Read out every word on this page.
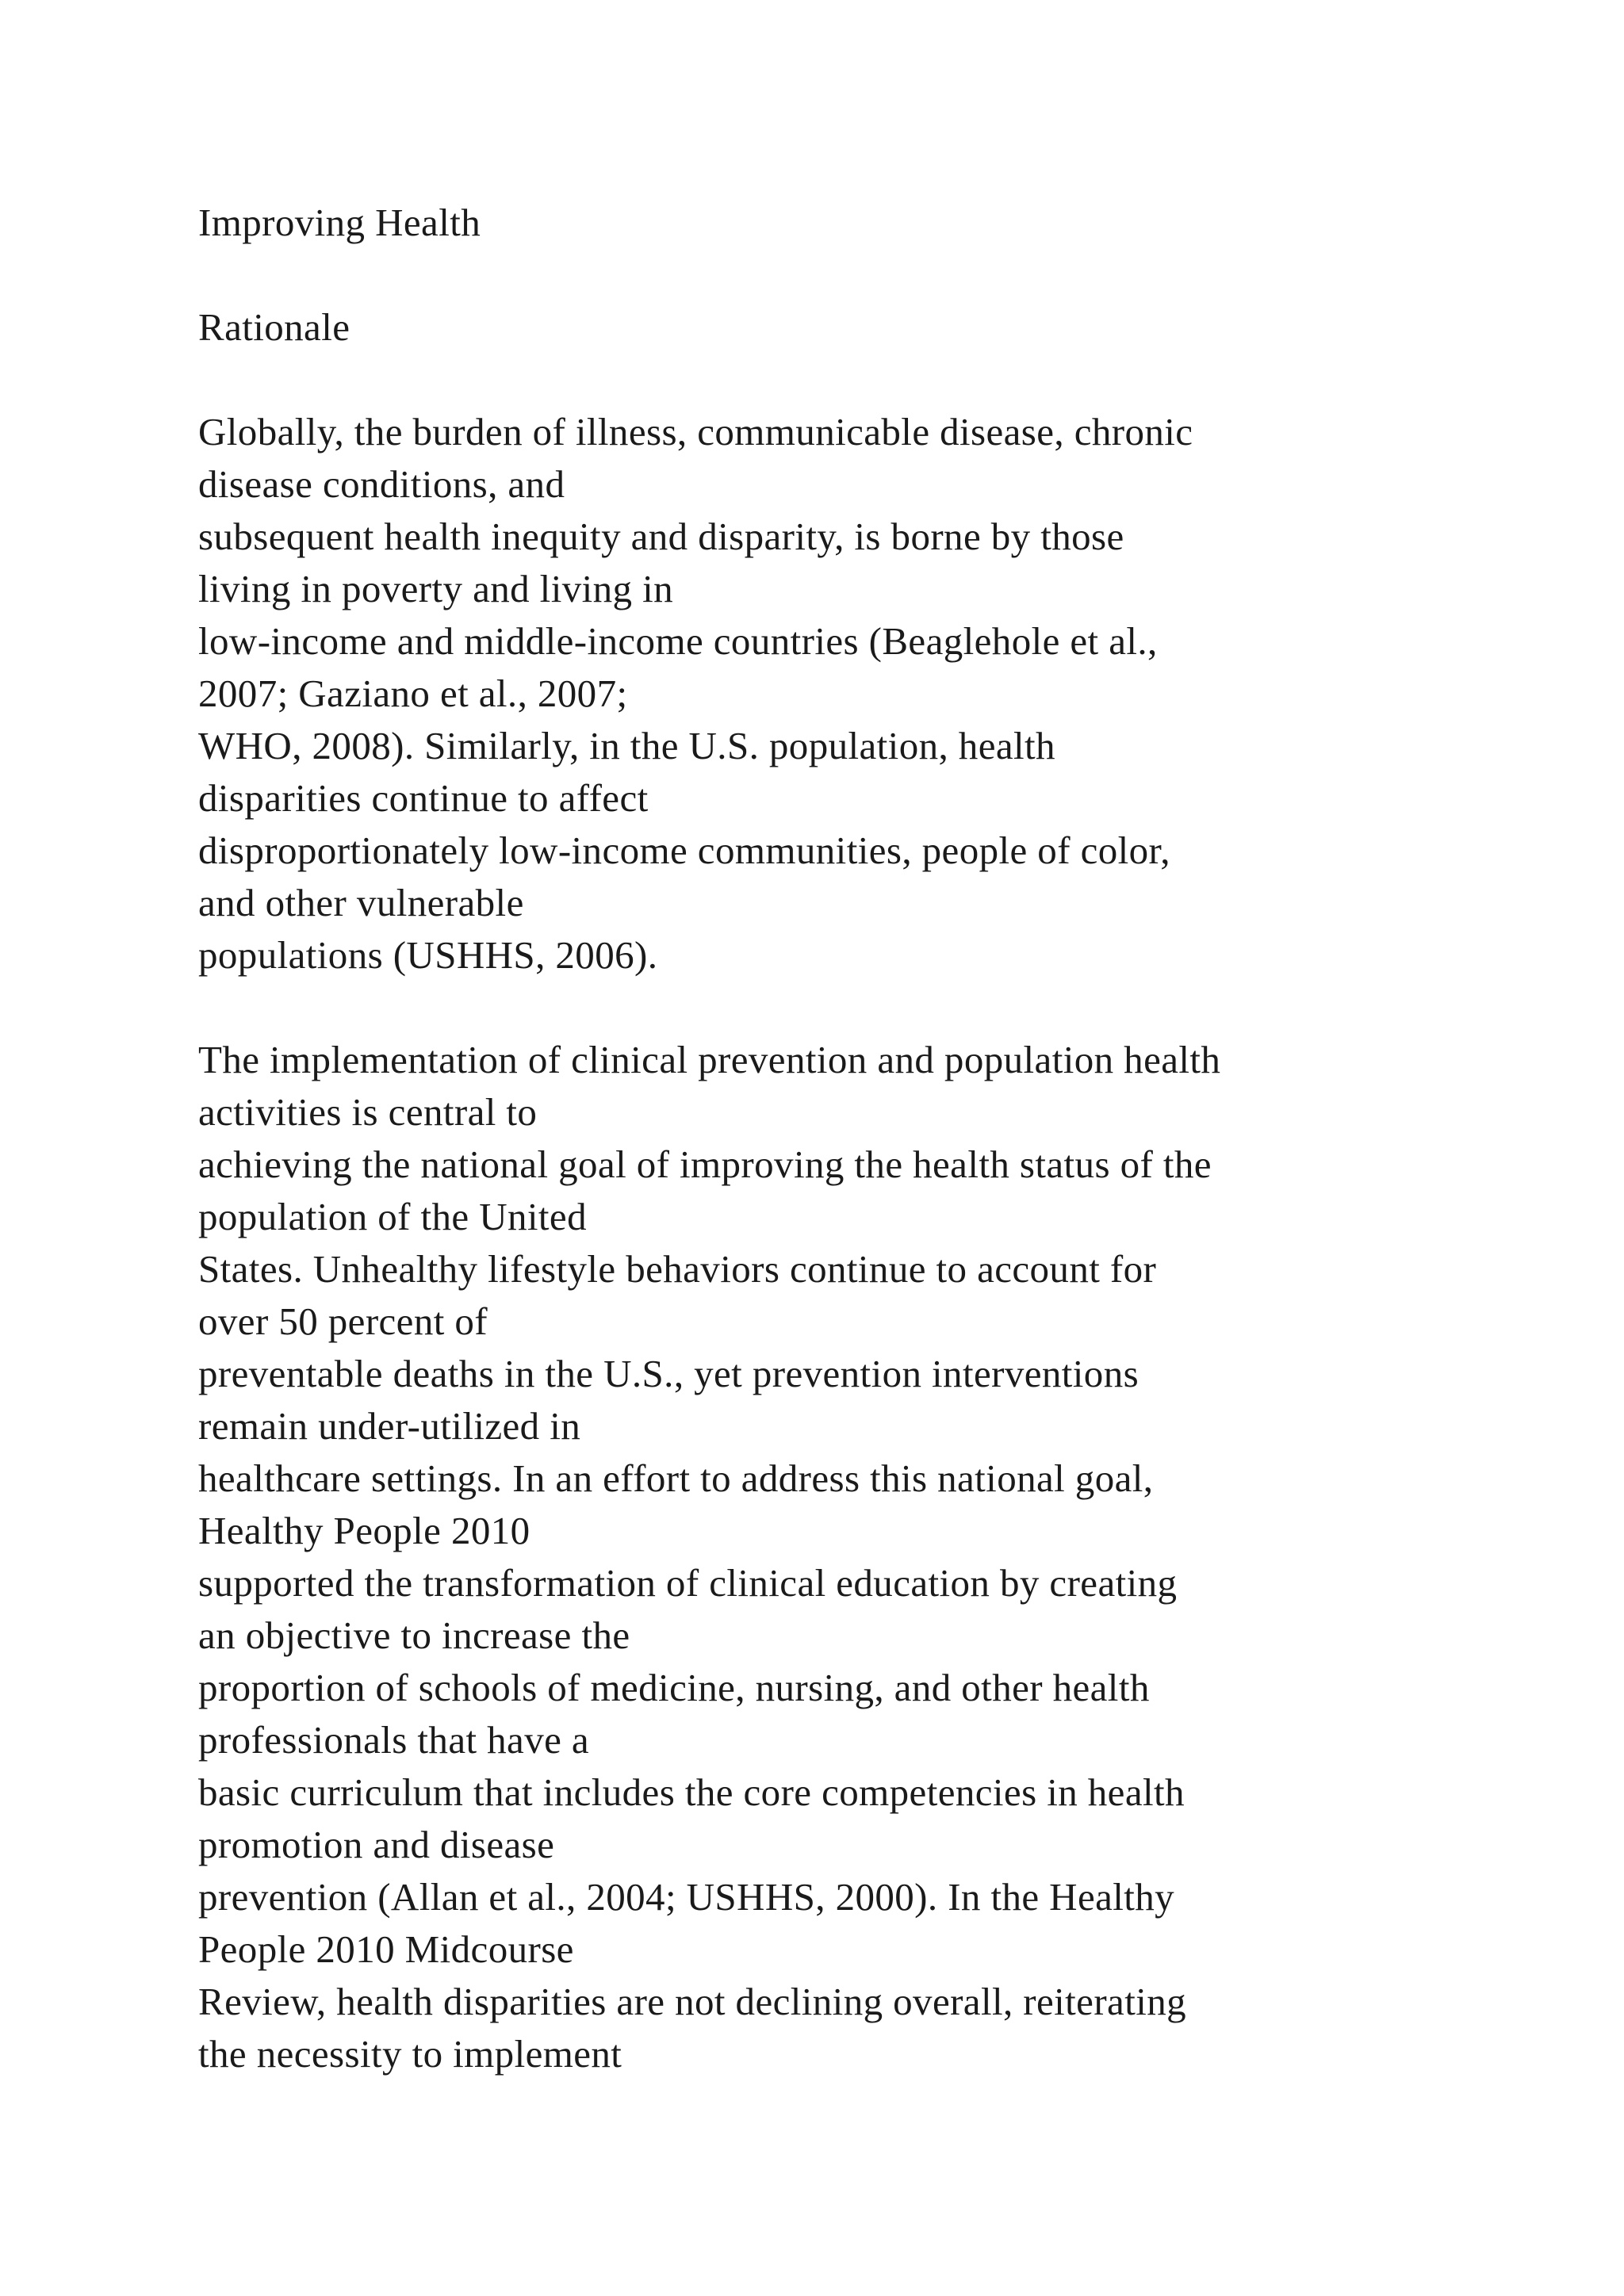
Improving Health
Rationale
Globally, the burden of illness, communicable disease, chronic
disease conditions, and
subsequent health inequity and disparity, is borne by those
living in poverty and living in
low-income and middle-income countries (Beaglehole et al.,
2007; Gaziano et al., 2007;
WHO, 2008). Similarly, in the U.S. population, health
disparities continue to affect
disproportionately low-income communities, people of color,
and other vulnerable
populations (USHHS, 2006).
The implementation of clinical prevention and population health
activities is central to
achieving the national goal of improving the health status of the
population of the United
States. Unhealthy lifestyle behaviors continue to account for
over 50 percent of
preventable deaths in the U.S., yet prevention interventions
remain under-utilized in
healthcare settings. In an effort to address this national goal,
Healthy People 2010
supported the transformation of clinical education by creating
an objective to increase the
proportion of schools of medicine, nursing, and other health
professionals that have a
basic curriculum that includes the core competencies in health
promotion and disease
prevention (Allan et al., 2004; USHHS, 2000). In the Healthy
People 2010 Midcourse
Review, health disparities are not declining overall, reiterating
the necessity to implement
